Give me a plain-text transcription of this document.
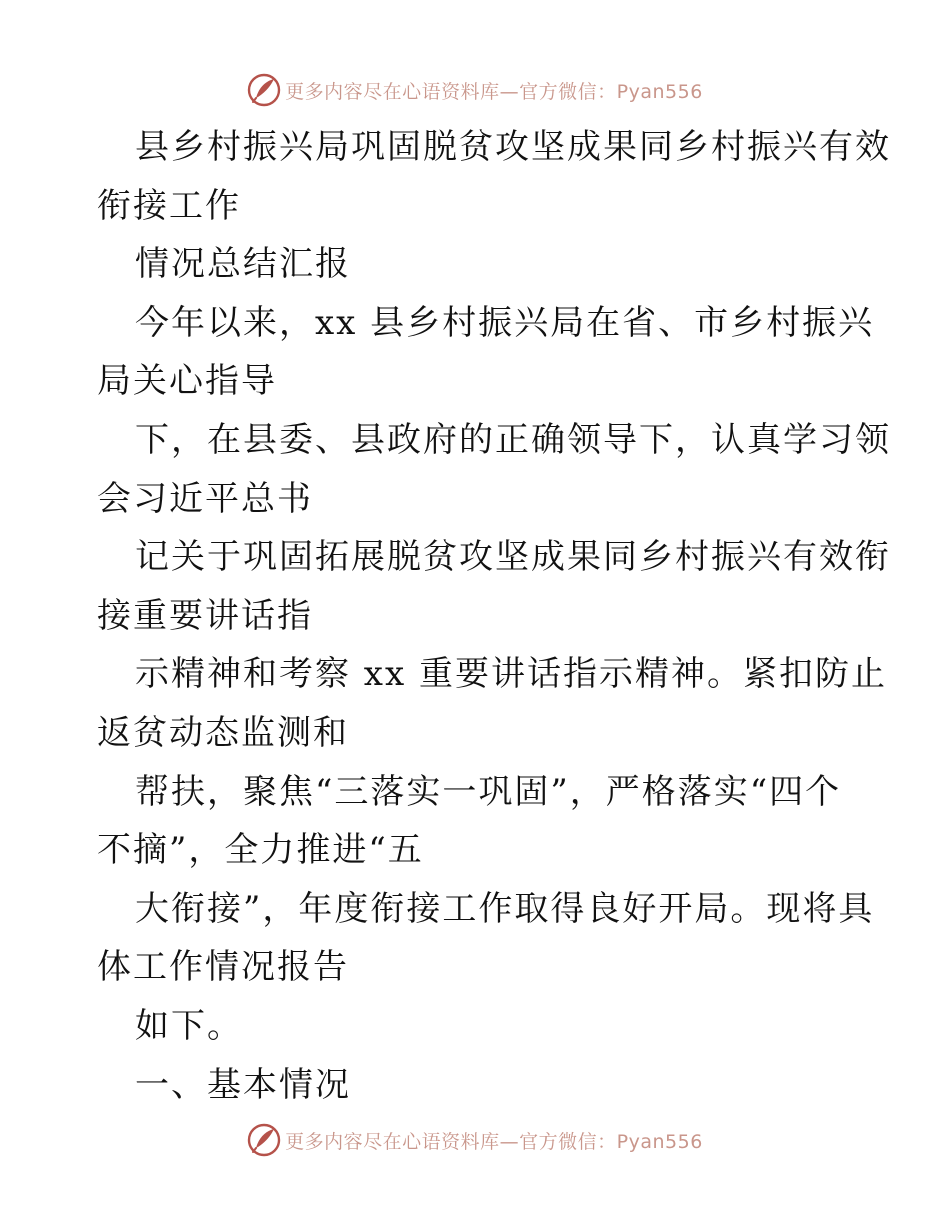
更多内容尽在心语资料库—官方微信：Pyan556
县乡村振兴局巩固脱贫攻坚成果同乡村振兴有效
衔接工作
情况总结汇报
今年以来，xx 县乡村振兴局在省、市乡村振兴
局关心指导
下，在县委、县政府的正确领导下，认真学习领
会习近平总书
记关于巩固拓展脱贫攻坚成果同乡村振兴有效衔
接重要讲话指
示精神和考察 xx 重要讲话指示精神。紧扣防止
返贫动态监测和
帮扶，聚焦“三落实一巩固”，严格落实“四个
不摘”，全力推进“五
大衔接”，年度衔接工作取得良好开局。现将具
体工作情况报告
如下。
一、基本情况
更多内容尽在心语资料库—官方微信：Pyan556
